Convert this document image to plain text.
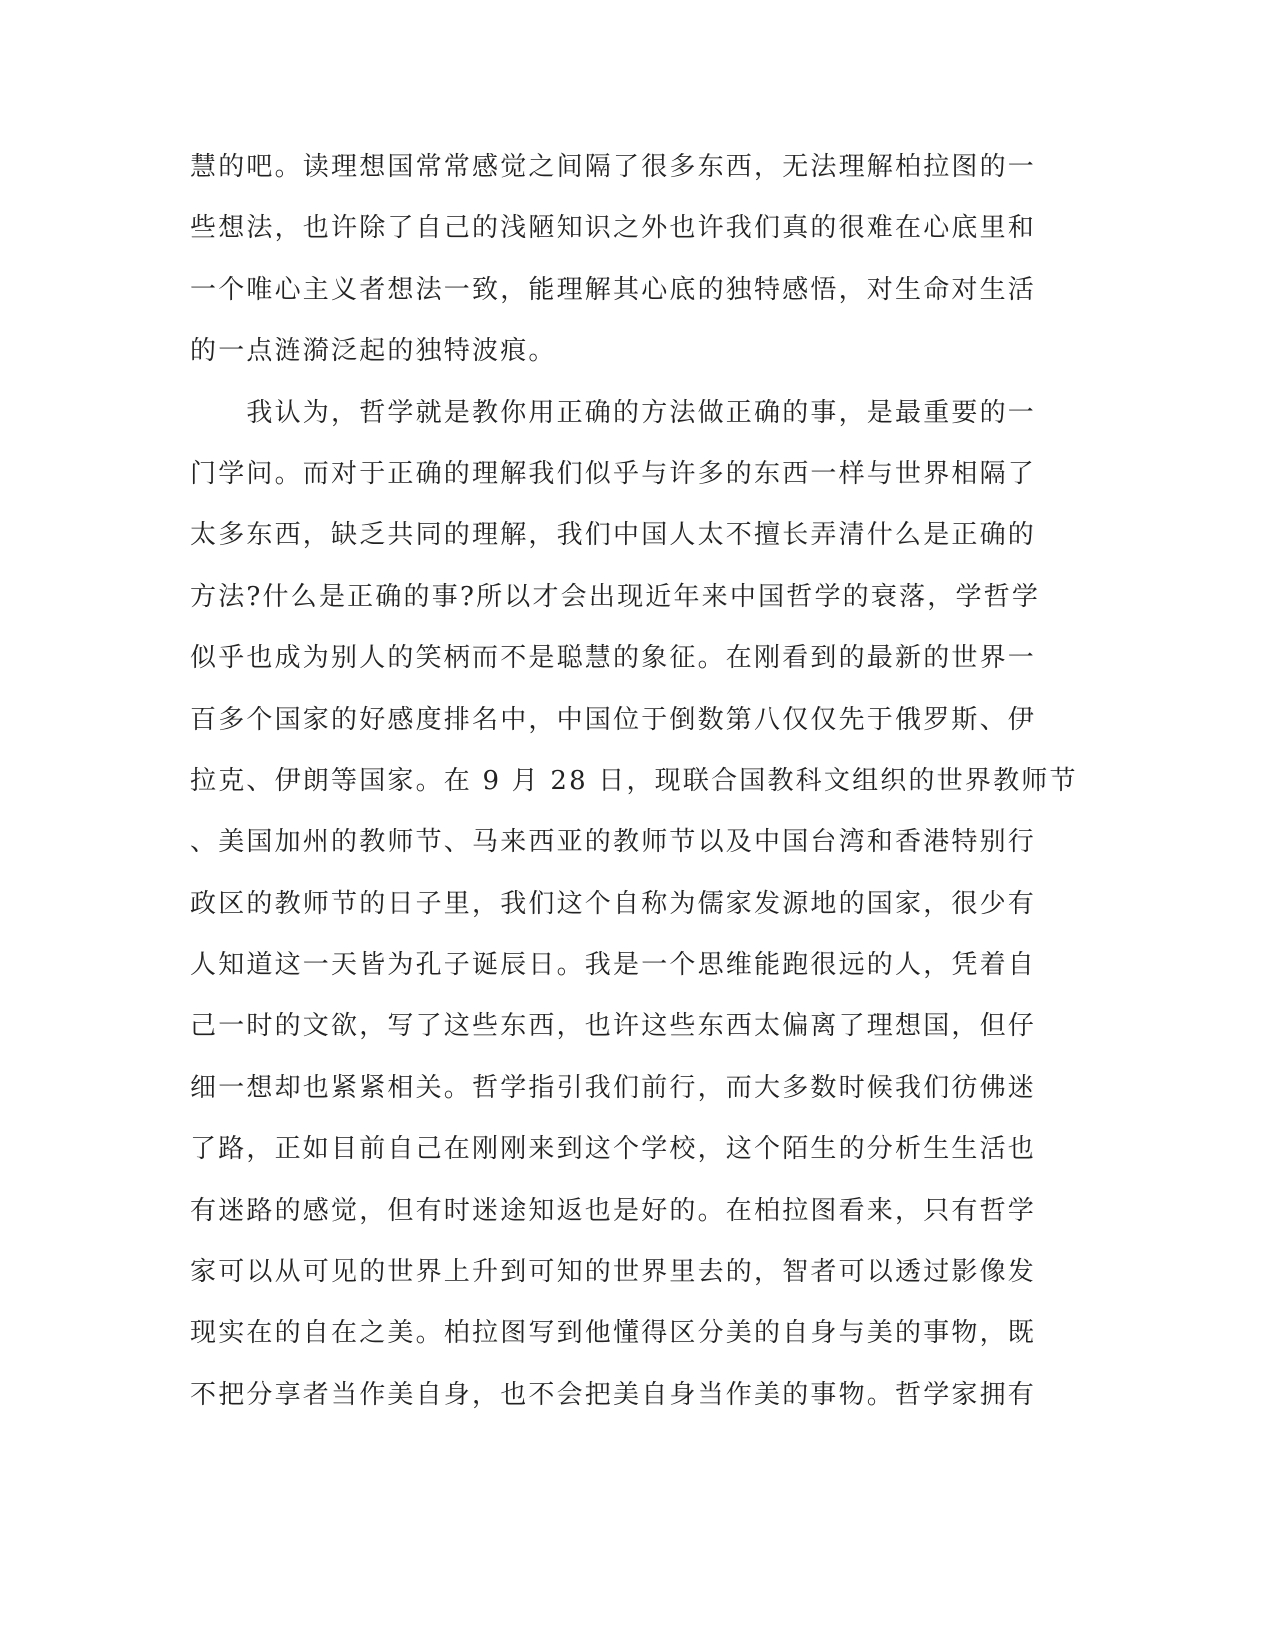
慧的吧。读理想国常常感觉之间隔了很多东西，无法理解柏拉图的一
些想法，也许除了自己的浅陋知识之外也许我们真的很难在心底里和
一个唯心主义者想法一致，能理解其心底的独特感悟，对生命对生活
的一点涟漪泛起的独特波痕。
　　我认为，哲学就是教你用正确的方法做正确的事，是最重要的一
门学问。而对于正确的理解我们似乎与许多的东西一样与世界相隔了
太多东西，缺乏共同的理解，我们中国人太不擅长弄清什么是正确的
方法?什么是正确的事?所以才会出现近年来中国哲学的衰落，学哲学
似乎也成为别人的笑柄而不是聪慧的象征。在刚看到的最新的世界一
百多个国家的好感度排名中，中国位于倒数第八仅仅先于俄罗斯、伊
拉克、伊朗等国家。在 9 月 28 日，现联合国教科文组织的世界教师节
、美国加州的教师节、马来西亚的教师节以及中国台湾和香港特别行
政区的教师节的日子里，我们这个自称为儒家发源地的国家，很少有
人知道这一天皆为孔子诞辰日。我是一个思维能跑很远的人，凭着自
己一时的文欲，写了这些东西，也许这些东西太偏离了理想国，但仔
细一想却也紧紧相关。哲学指引我们前行，而大多数时候我们彷佛迷
了路，正如目前自己在刚刚来到这个学校，这个陌生的分析生生活也
有迷路的感觉，但有时迷途知返也是好的。在柏拉图看来，只有哲学
家可以从可见的世界上升到可知的世界里去的，智者可以透过影像发
现实在的自在之美。柏拉图写到他懂得区分美的自身与美的事物，既
不把分享者当作美自身，也不会把美自身当作美的事物。哲学家拥有
